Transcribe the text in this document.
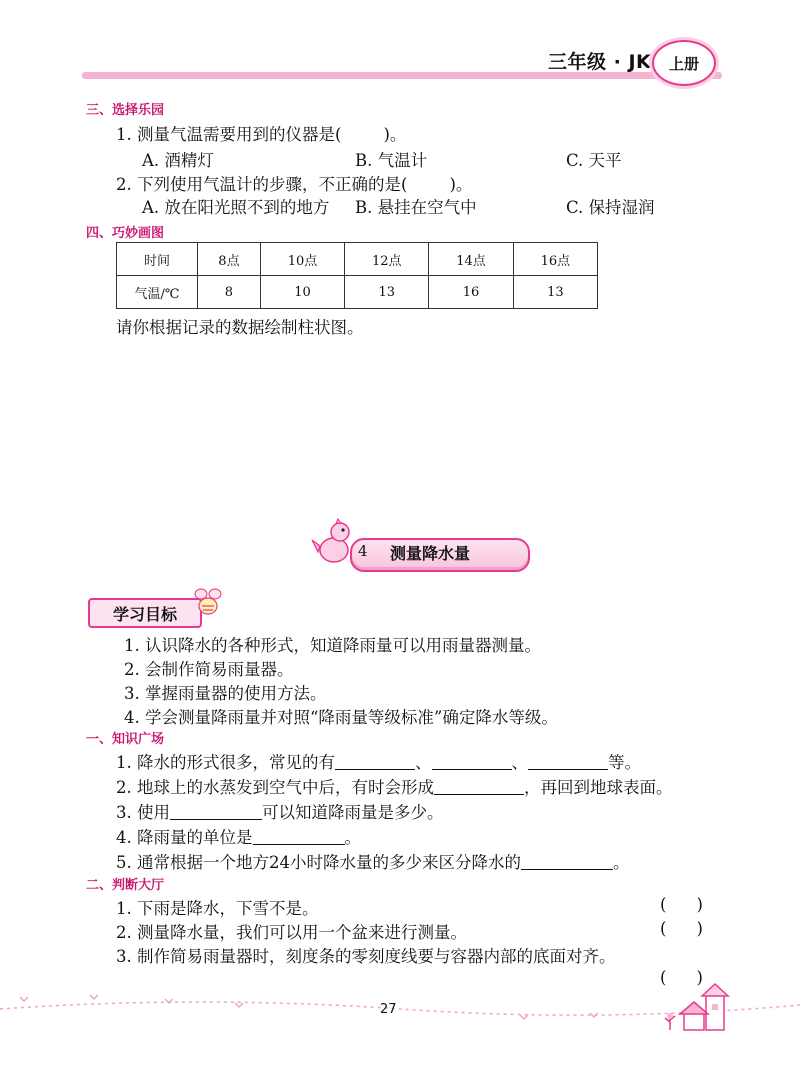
三年级 · JK	上册
三、选择乐园
1. 测量气温需要用到的仪器是(	)。
A. 酒精灯	B. 气温计	C. 天平
2. 下列使用气温计的步骤，不正确的是(	)。
A. 放在阳光照不到的地方 B. 悬挂在空气中	C. 保持湿润
四、巧妙画图
时间	8点	10点	12点	14点	16点
气温/℃	8	10	13	16	13
请你根据记录的数据绘制柱状图。
4 测量降水量
学习目标
1. 认识降水的各种形式，知道降雨量可以用雨量器测量。
2. 会制作简易雨量器。
3. 掌握雨量器的使用方法。
4. 学会测量降雨量并对照“降雨量等级标准”确定降水等级。
一、知识广场
1. 降水的形式很多，常见的有	、	、	等。
2. 地球上的水蒸发到空气中后，有时会形成	，再回到地球表面。
3. 使用	可以知道降雨量是多少。
4. 降雨量的单位是	。
5. 通常根据一个地方24小时降水量的多少来区分降水的	。
二、判断大厅
1. 下雨是降水，下雪不是。	( )
2. 测量降水量，我们可以用一个盆来进行测量。	( )
3. 制作简易雨量器时，刻度条的零刻度线要与容器内部的底面对齐。
( )
27
